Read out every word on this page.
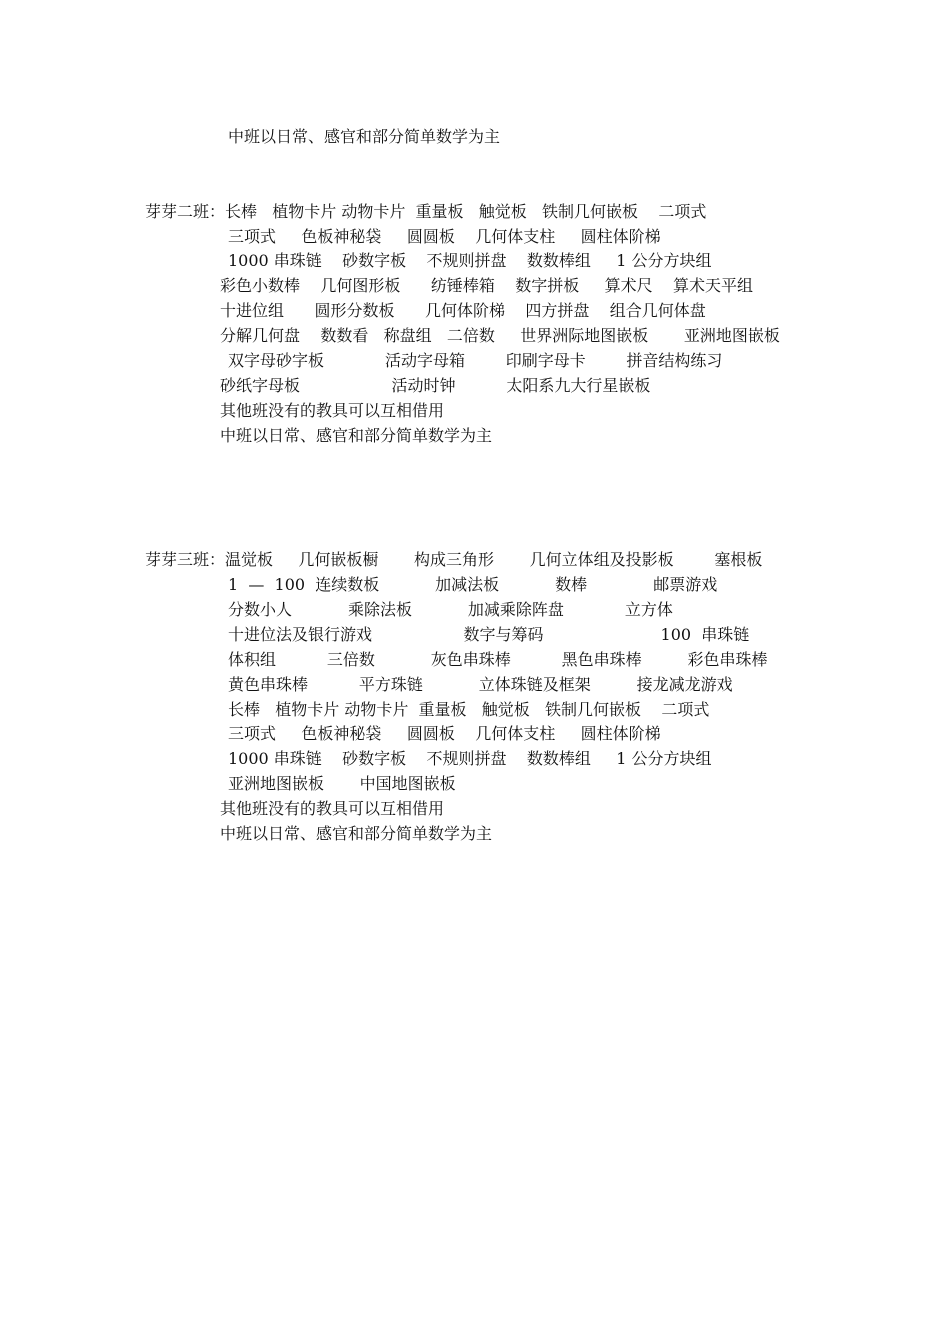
中班以日常、感官和部分简单数学为主

芽芽二班：长棒   植物卡片 动物卡片  重量板   触觉板   铁制几何嵌板    二项式

三项式     色板神秘袋     圆圆板    几何体支柱     圆柱体阶梯

1000 串珠链    砂数字板    不规则拼盘    数数棒组     1 公分方块组

彩色小数棒    几何图形板      纺锤棒箱    数字拼板     算术尺    算术天平组

十进位组      圆形分数板      几何体阶梯    四方拼盘    组合几何体盘

分解几何盘    数数看   称盘组   二倍数     世界洲际地图嵌板       亚洲地图嵌板

双字母砂字板            活动字母箱        印刷字母卡        拼音结构练习

砂纸字母板                  活动时钟          太阳系九大行星嵌板

其他班没有的教具可以互相借用

中班以日常、感官和部分简单数学为主

芽芽三班：温觉板     几何嵌板橱       构成三角形       几何立体组及投影板        塞根板

1  —  100  连续数板           加减法板           数棒             邮票游戏

分数小人           乘除法板           加减乘除阵盘            立方体

十进位法及银行游戏                  数字与筹码                       100  串珠链

体积组          三倍数           灰色串珠棒          黑色串珠棒         彩色串珠棒

黄色串珠棒          平方珠链           立体珠链及框架         接龙减龙游戏

长棒   植物卡片 动物卡片  重量板   触觉板   铁制几何嵌板    二项式

三项式     色板神秘袋     圆圆板    几何体支柱     圆柱体阶梯

1000 串珠链    砂数字板    不规则拼盘    数数棒组     1 公分方块组

亚洲地图嵌板       中国地图嵌板

其他班没有的教具可以互相借用

中班以日常、感官和部分简单数学为主
